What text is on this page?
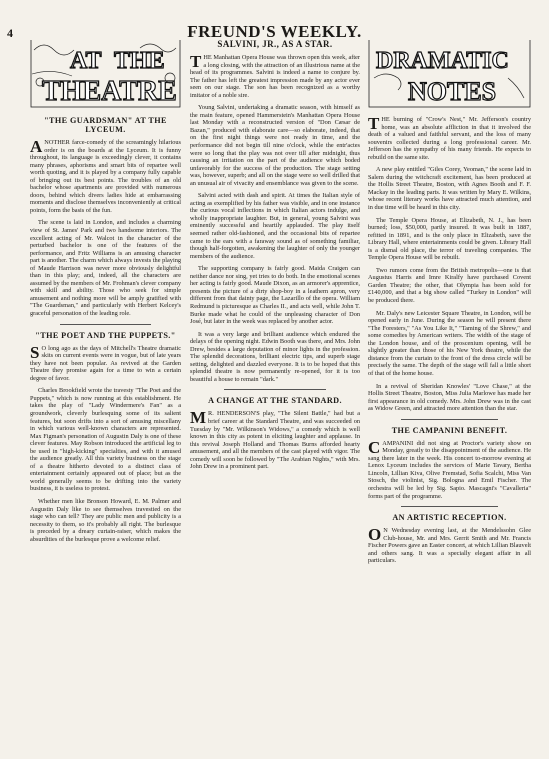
4	FREUND'S WEEKLY.
AT THE
THEATRE
"THE GUARDSMAN" AT THE LYCEUM.

ANOTHER farce-comedy of the screamingly hilarious order is on the boards at the Lyceum. It is funny throughout, its language is exceedingly clever, it contains many phrases, aphorisms and smart bits of repartee well worth quoting, and it is played by a company fully capable of bringing out its best points. The troubles of an old bachelor whose apartments are provided with numerous doors, behind which divers ladies hide at embarrassing moments and disclose themselves inconveniently at critical points, form the basis of the fun.

The scene is laid in London, and includes a charming view of St. James' Park and two handsome interiors. The excellent acting of Mr. Walcot in the character of the perturbed bachelor is one of the features of the performance, and Fritz Williams is an amusing character part is another. The charm which always invests the playing of Maude Harrison was never more obviously delightful than in this play; and, indeed, all the characters are assumed by the members of Mr. Frohman's clever company with skill and ability. Those who seek for simple amusement and nothing more will be amply gratified with "The Guardsman," and particularly with Herbert Kelcey's graceful personation of the leading role.

"THE POET AND THE PUPPETS."

S O long ago as the days of Mitchell's Theatre dramatic skits on current events were in vogue, but of late years they have not been popular. As revived at the Garden Theatre they promise again for a time to win a certain degree of favor.

Charles Brookfield wrote the travesty "The Poet and the Puppets," which is now running at this establishment. He takes the play of "Lady Windermere's Fan" as a groundwork, cleverly burlesquing some of its salient features, but soon drifts into a sort of amusing miscellany in which various well-known characters are represented. Max Figman's personation of Augustin Daly is one of these clever features. May Robson introduced the artificial leg to be used in "high-kicking" specialties, and with it amused the audience greatly. All this variety business on the stage of a theatre hitherto devoted to a distinct class of entertainment certainly appeared out of place; but as the world generally seems to be drifting into the variety business, it is useless to protest.

Whether men like Bronson Howard, E. M. Palmer and Augustin Daly like to see themselves travestied on the stage who can tell? They are public men and publicity is a necessity to them, so it's probably all right. The burlesque is preceded by a dreary curtain-raiser, which makes the absurdities of the burlesque prove a welcome relief.

SALVINI, JR., AS A STAR.

THE Manhattan Opera House was thrown open this week, after a long closing, with the attraction of an illustrious name at the head of its programmes. Salvini is indeed a name to conjure by. The father has left the greatest impression made by any actor ever seen on our stage. The son has been recognized as a worthy imitator of a noble sire.

Young Salvini, undertaking a dramatic season, with himself as the main feature, opened Hammerstein's Manhattan Opera House last Monday with a reconstructed version of "Don Cæsar de Bazan," produced with elaborate care—so elaborate, indeed, that on the first night things were not ready in time, and the performance did not begin till nine o'clock, while the entr'actes were so long that the play was not over till after midnight, thus causing an irritation on the part of the audience which boded unfavorably for the success of the production. The stage setting was, however, superb; and all on the stage were so well drilled that an unusual air of vivacity and ensemblance was given to the scene.

Salvini acted with dash and spirit. At times the Italian style of acting as exemplified by his father was visible, and in one instance the curious vocal inflections in which Italian actors indulge, and wholly inappropriate laughter. But, in general, young Salvini was eminently successful and heartily applauded. The play itself seemed rather old-fashioned, and the occasional bits of repartee came to the ears with a faraway sound as of something familiar, though half-forgotten, awakening the laughter of only the younger members of the audience.

The supporting company is fairly good. Maida Craigen can neither dance nor sing, yet tries to do both. In the emotional scenes her acting is fairly good. Maude Dixon, as an armorer's apprentice, presents the picture of a dirty shop-boy in a leathern apron, very different from that dainty page, the Lazarillo of the opera. William Redmund is picturesque as Charles II., and acts well, while John T. Burke made what he could of the unpleasing character of Don José, but later in the week was replaced by another actor.

It was a very large and brilliant audience which endured the delays of the opening night. Edwin Booth was there, and Mrs. John Drew, besides a large deputation of minor lights in the profession. The splendid decorations, brilliant electric tips, and superb stage setting, delighted and dazzled everyone. It is to be hoped that this splendid theatre is now permanently re-opened, for it is too beautiful a house to remain "dark."

A CHANGE AT THE STANDARD.

M R. HENDERSON'S play, "The Silent Battle," had but a brief career at the Standard Theatre, and was succeeded on Tuesday by "Mr. Wilkinson's Widows," a comedy which is well known in this city as potent in eliciting laughter and applause. In this revival Joseph Holland and Thomas Burns afforded hearty amusement, and all the members of the cast played with vigor. The comedy will soon be followed by "The Arabian Nights," with Mrs. John Drew in a prominent part.

DRAMATIC
NOTES

THE burning of "Crow's Nest," Mr. Jefferson's country home, was an absolute affliction in that it involved the death of a valued and faithful servant, and the loss of many souvenirs collected during a long professional career. Mr. Jefferson has the sympathy of his many friends. He expects to rebuild on the same site.

A new play entitled "Giles Corey, Yeoman," the scene laid in Salem during the witchcraft excitement, has been produced at the Hollis Street Theatre, Boston, with Agnes Booth and F. F. Mackay in the leading parts. It was written by Mary E. Wilkins, whose recent literary works have attracted much attention, and in due time will be heard in this city.

The Temple Opera House, at Elizabeth, N. J., has been burned; loss, $50,000, partly insured. It was built in 1887, refitted in 1891, and is the only place in Elizabeth, save the Library Hall, where entertainments could be given. Library Hall is a dismal old place, the terror of traveling companies. The Temple Opera House will be rebuilt.

Two rumors come from the British metropolis—one is that Augustus Harris and Imre Kiralfy have purchased Covent Garden Theatre; the other, that Olympia has been sold for £140,000, and that a big show called "Turkey in London" will be produced there.

Mr. Daly's new Leicester Square Theatre, in London, will be opened early in June. During the season he will present there "The Foresters," "As You Like It," "Taming of the Shrew," and some comedies by American writers. The width of the stage of the London house, and of the proscenium opening, will be slightly greater than those of his New York theatre, while the distance from the curtain to the front of the dress circle will be precisely the same. The depth of the stage will fall a little short of that of the home house.

In a revival of Sheridan Knowles' "Love Chase," at the Hollis Street Theatre, Boston, Miss Julia Marlowe has made her first appearance in old comedy. Mrs. John Drew was in the cast as Widow Green, and attracted more attention than the star.

THE CAMPANINI BENEFIT.

CAMPANINI did not sing at Proctor's variety show on Monday, greatly to the disappointment of the audience. He sang there later in the week. His concert to-morrow evening at Lenox Lyceum includes the services of Marie Tavary, Bertha Lincoln, Lillian Kiva, Olive Fremstad, Sofia Scalchi, Miss Van Stosch, the violinist, Sig. Bologna and Emil Fischer. The orchestra will be led by Sig. Sapio. Mascagni's "Cavalleria" forms part of the programme.

AN ARTISTIC RECEPTION.

O N Wednesday evening last, at the Mendelssohn Glee Club-house, Mr. and Mrs. Gerrit Smith and Mr. Francis Fischer Powers gave an Easter concert, at which Lillian Blauvelt and others sang. It was a specially elegant affair in all particulars.
